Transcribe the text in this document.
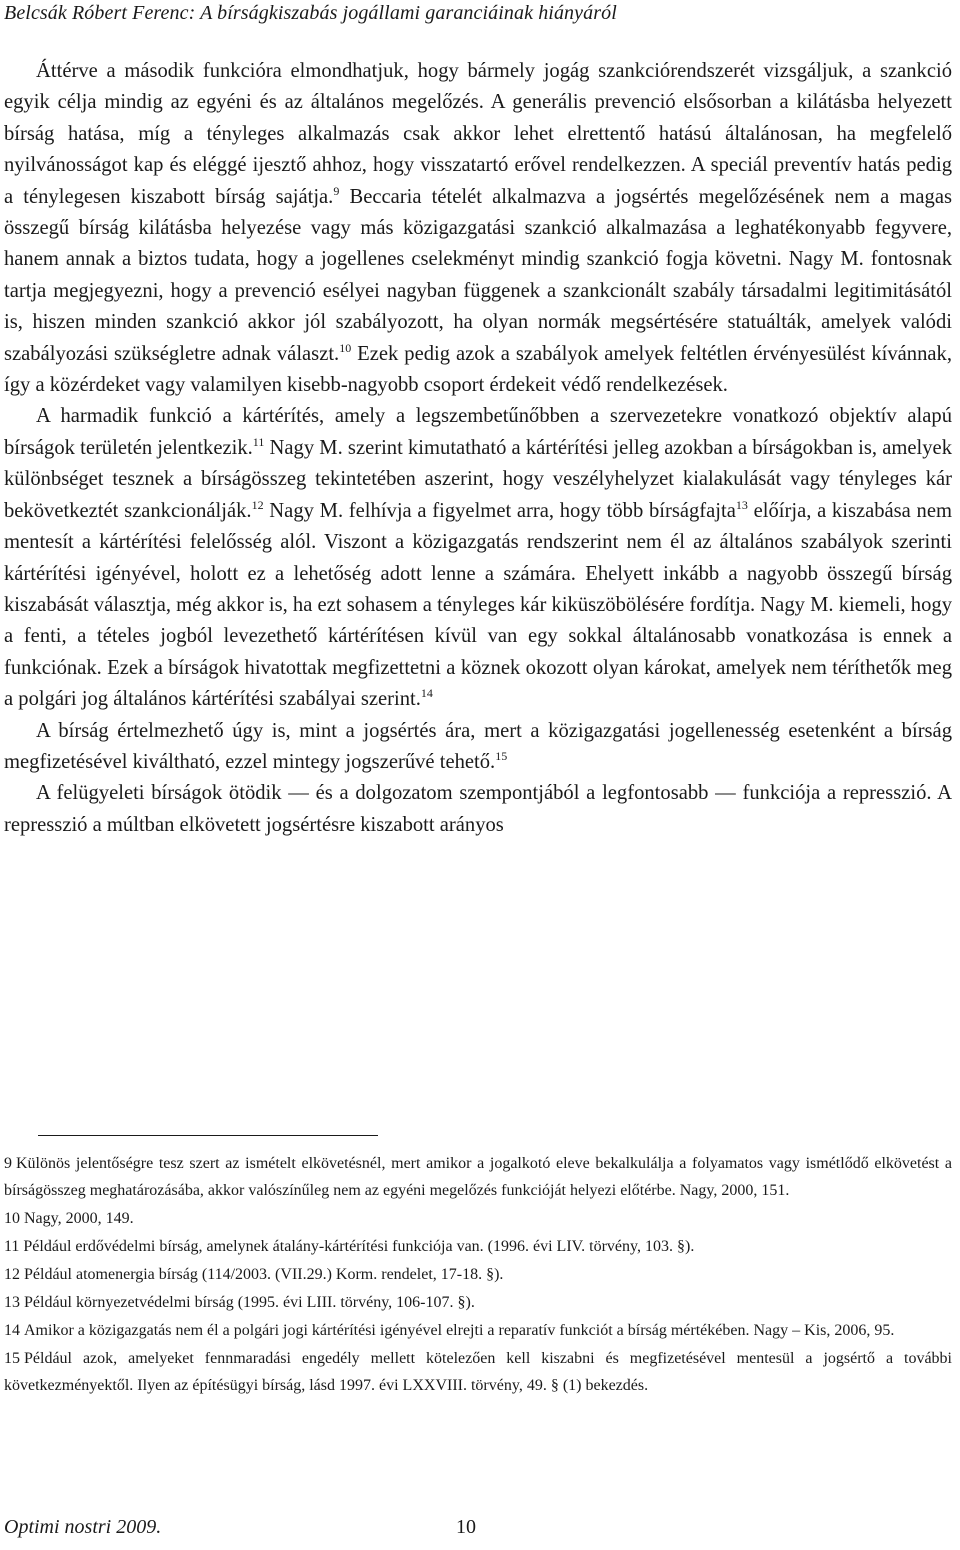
Belcsák Róbert Ferenc: A bírságkiszabás jogállami garanciáinak hiányáról

Áttérve a második funkcióra elmondhatjuk, hogy bármely jogág szankciórendszerét vizsgáljuk, a szankció egyik célja mindig az egyéni és az általános megelőzés. A generális prevenció elsősorban a kilátásba helyezett bírság hatása, míg a tényleges alkalmazás csak akkor lehet elrettentő hatású általánosan, ha megfelelő nyilvánosságot kap és eléggé ijesztő ahhoz, hogy visszatartó erővel rendelkezzen. A speciál preventív hatás pedig a ténylegesen kiszabott bírság sajátja.$^9$ Beccaria tételét alkalmazva a jogsértés megelőzésének nem a magas összegű bírság kilátásba helyezése vagy más közigazgatási szankció alkalmazása a leghatékonyabb fegyvere, hanem annak a biztos tudata, hogy a jogellenes cselekményt mindig szankció fogja követni. Nagy M. fontosnak tartja megjegyezni, hogy a prevenció esélyei nagyban függenek a szankcionált szabály társadalmi legitimitásától is, hiszen minden szankció akkor jól szabályozott, ha olyan normák megsértésére statuálták, amelyek valódi szabályozási szükségletre adnak választ.$^{10}$ Ezek pedig azok a szabályok amelyek feltétlen érvényesülést kívánnak, így a közérdeket vagy valamilyen kisebb-nagyobb csoport érdekeit védő rendelkezések.

A harmadik funkció a kártérítés, amely a legszembetűnőbben a szervezetekre vonatkozó objektív alapú bírságok területén jelentkezik.$^{11}$ Nagy M. szerint kimutatható a kártérítési jelleg azokban a bírságokban is, amelyek különbséget tesznek a bírságösszeg tekintetében aszerint, hogy veszélyhelyzet kialakulását vagy tényleges kár bekövetkeztét szankcionálják.$^{12}$ Nagy M. felhívja a figyelmet arra, hogy több bírságfajta$^{13}$ előírja, a kiszabása nem mentesít a kártérítési felelősség alól. Viszont a közigazgatás rendszerint nem él az általános szabályok szerinti kártérítési igényével, holott ez a lehetőség adott lenne a számára. Ehelyett inkább a nagyobb összegű bírság kiszabását választja, még akkor is, ha ezt sohasem a tényleges kár kiküszöbölésére fordítja. Nagy M. kiemeli, hogy a fenti, a tételes jogból levezethető kártérítésen kívül van egy sokkal általánosabb vonatkozása is ennek a funkciónak. Ezek a bírságok hivatottak megfizettetni a köznek okozott olyan károkat, amelyek nem téríthetők meg a polgári jog általános kártérítési szabályai szerint.$^{14}$

A bírság értelmezhető úgy is, mint a jogsértés ára, mert a közigazgatási jogellenesség esetenként a bírság megfizetésével kiváltható, ezzel mintegy jogszerűvé tehető.$^{15}$

A felügyeleti bírságok ötödik — és a dolgozatom szempontjából a legfontosabb — funkciója a represszió. A represszió a múltban elkövetett jogsértésre kiszabott arányos

9 Különös jelentőségre tesz szert az ismételt elkövetésnél, mert amikor a jogalkotó eleve bekalkulálja a folyamatos vagy ismétlődő elkövetést a bírságösszeg meghatározásába, akkor valószínűleg nem az egyéni megelőzés funkcióját helyezi előtérbe. Nagy, 2000, 151.
10 Nagy, 2000, 149.
11 Például erdővédelmi bírság, amelynek átalány-kártérítési funkciója van. (1996. évi LIV. törvény, 103. §).
12 Például atomenergia bírság (114/2003. (VII.29.) Korm. rendelet, 17-18. §).
13 Például környezetvédelmi bírság (1995. évi LIII. törvény, 106-107. §).
14 Amikor a közigazgatás nem él a polgári jogi kártérítési igényével elrejti a reparatív funkciót a bírság mértékében. Nagy – Kis, 2006, 95.
15 Például azok, amelyeket fennmaradási engedély mellett kötelezően kell kiszabni és megfizetésével mentesül a jogsértő a további következményektől. Ilyen az építésügyi bírság, lásd 1997. évi LXXVIII. törvény, 49. § (1) bekezdés.
Optimi nostri 2009.	10
